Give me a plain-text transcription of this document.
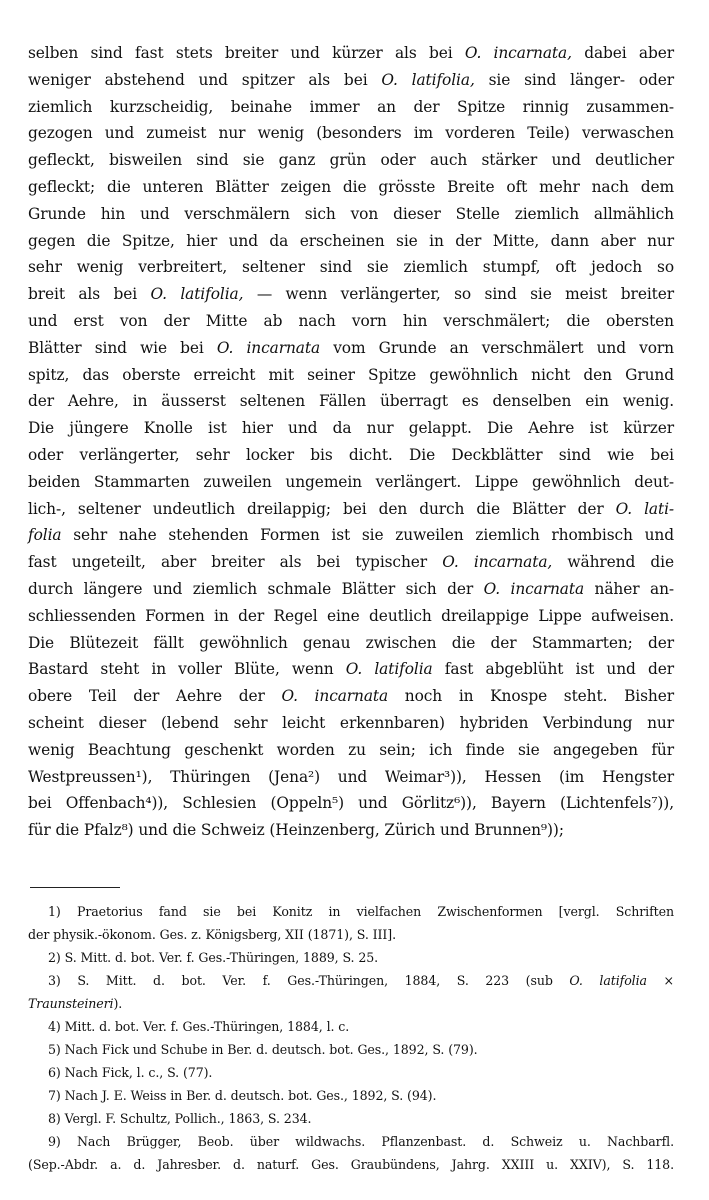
selben sind fast stets breiter und kürzer als bei O. incarnata, dabei aber
weniger abstehend und spitzer als bei O. latifolia, sie sind länger- oder
ziemlich kurzscheidig, beinahe immer an der Spitze rinnig zusammen-
gezogen und zumeist nur wenig (besonders im vorderen Teile) verwaschen
gefleckt, bisweilen sind sie ganz grün oder auch stärker und deutlicher
gefleckt; die unteren Blätter zeigen die grösste Breite oft mehr nach dem
Grunde hin und verschmälern sich von dieser Stelle ziemlich allmählich
gegen die Spitze, hier und da erscheinen sie in der Mitte, dann aber nur
sehr wenig verbreitert, seltener sind sie ziemlich stumpf, oft jedoch so
breit als bei O. latifolia, — wenn verlängerter, so sind sie meist breiter
und erst von der Mitte ab nach vorn hin verschmälert; die obersten
Blätter sind wie bei O. incarnata vom Grunde an verschmälert und vorn
spitz, das oberste erreicht mit seiner Spitze gewöhnlich nicht den Grund
der Aehre, in äusserst seltenen Fällen überragt es denselben ein wenig.
Die jüngere Knolle ist hier und da nur gelappt. Die Aehre ist kürzer
oder verlängerter, sehr locker bis dicht. Die Deckblätter sind wie bei
beiden Stammarten zuweilen ungemein verlängert. Lippe gewöhnlich deut-
lich-, seltener undeutlich dreilappig; bei den durch die Blätter der O. lati-
folia sehr nahe stehenden Formen ist sie zuweilen ziemlich rhombisch und
fast ungeteilt, aber breiter als bei typischer O. incarnata, während die
durch längere und ziemlich schmale Blätter sich der O. incarnata näher an-
schliessenden Formen in der Regel eine deutlich dreilappige Lippe aufweisen.
Die Blütezeit fällt gewöhnlich genau zwischen die der Stammarten; der
Bastard steht in voller Blüte, wenn O. latifolia fast abgeblüht ist und der
obere Teil der Aehre der O. incarnata noch in Knospe steht. Bisher
scheint dieser (lebend sehr leicht erkennbaren) hybriden Verbindung nur
wenig Beachtung geschenkt worden zu sein; ich finde sie angegeben für
Westpreussen¹), Thüringen (Jena²) und Weimar³)), Hessen (im Hengster
bei Offenbach⁴)), Schlesien (Oppeln⁵) und Görlitz⁶)), Bayern (Lichtenfels⁷)),
für die Pfalz⁸) und die Schweiz (Heinzenberg, Zürich und Brunnen⁹));
1) Praetorius fand sie bei Konitz in vielfachen Zwischenformen [vergl. Schriften
der physik.-ökonom. Ges. z. Königsberg, XII (1871), S. III].
2) S. Mitt. d. bot. Ver. f. Ges.-Thüringen, 1889, S. 25.
3) S. Mitt. d. bot. Ver. f. Ges.-Thüringen, 1884, S. 223 (sub O. latifolia ×
Traunsteineri).
4) Mitt. d. bot. Ver. f. Ges.-Thüringen, 1884, l. c.
5) Nach Fick und Schube in Ber. d. deutsch. bot. Ges., 1892, S. (79).
6) Nach Fick, l. c., S. (77).
7) Nach J. E. Weiss in Ber. d. deutsch. bot. Ges., 1892, S. (94).
8) Vergl. F. Schultz, Pollich., 1863, S. 234.
9) Nach Brügger, Beob. über wildwachs. Pflanzenbast. d. Schweiz u. Nachbarfl.
(Sep.-Abdr. a. d. Jahresber. d. naturf. Ges. Graubündens, Jahrg. XXIII u. XXIV), S. 118.
